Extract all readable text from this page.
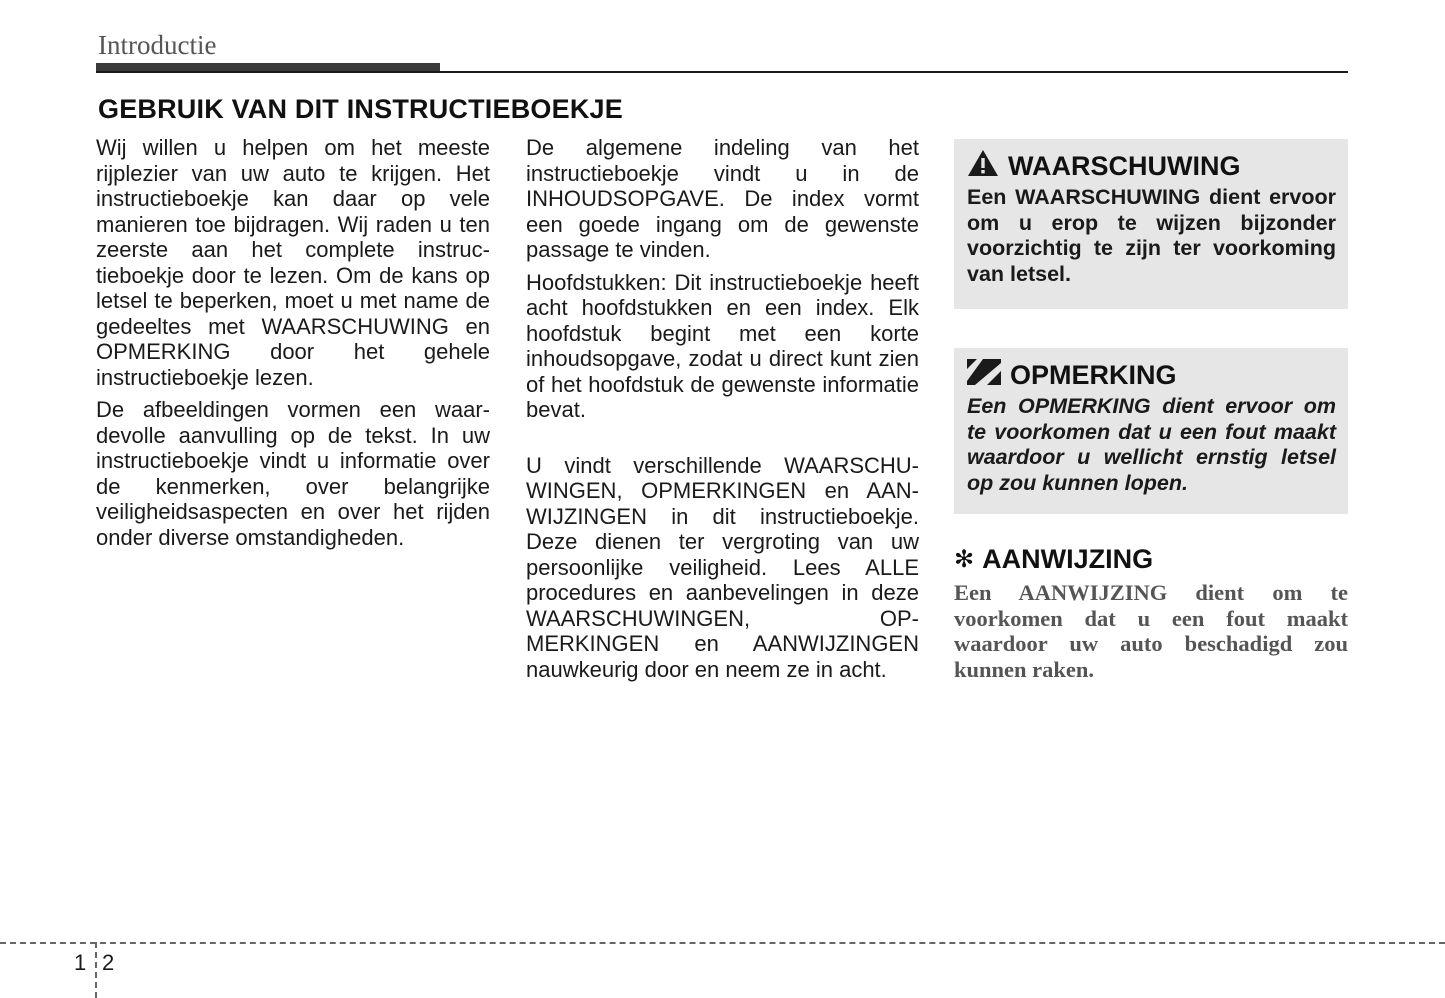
Introductie
GEBRUIK VAN DIT INSTRUCTIEBOEKJE

Wij willen u helpen om het meeste rijplezier van uw auto te krijgen. Het instructieboekje kan daar op vele manieren toe bijdragen. Wij raden u ten zeerste aan het complete instructieboekje door te lezen. Om de kans op letsel te beperken, moet u met name de gedeeltes met WAARSCHUWING en OPMERKING door het gehele instructieboekje lezen.

De afbeeldingen vormen een waardevolle aanvulling op de tekst. In uw instructieboekje vindt u informatie over de kenmerken, over belangrijke veiligheidsaspecten en over het rijden onder diverse omstandigheden.

De algemene indeling van het instructieboekje vindt u in de INHOUDSOPGAVE. De index vormt een goede ingang om de gewenste passage te vinden.

Hoofdstukken: Dit instructieboekje heeft acht hoofdstukken en een index. Elk hoofdstuk begint met een korte inhoudsopgave, zodat u direct kunt zien of het hoofdstuk de gewenste informatie bevat.

U vindt verschillende WAARSCHUWINGEN, OPMERKINGEN en AANWIJZINGEN in dit instructieboekje. Deze dienen ter vergroting van uw persoonlijke veiligheid. Lees ALLE procedures en aanbevelingen in deze WAARSCHUWINGEN, OPMERKINGEN en AANWIJZINGEN nauwkeurig door en neem ze in acht.

WAARSCHUWING
Een WAARSCHUWING dient ervoor om u erop te wijzen bijzonder voorzichtig te zijn ter voorkoming van letsel.
OPMERKING
Een OPMERKING dient ervoor om te voorkomen dat u een fout maakt waardoor u wellicht ernstig letsel op zou kunnen lopen.
✻ AANWIJZING
Een AANWIJZING dient om te voorkomen dat u een fout maakt waardoor uw auto beschadigd zou kunnen raken.
1 2
